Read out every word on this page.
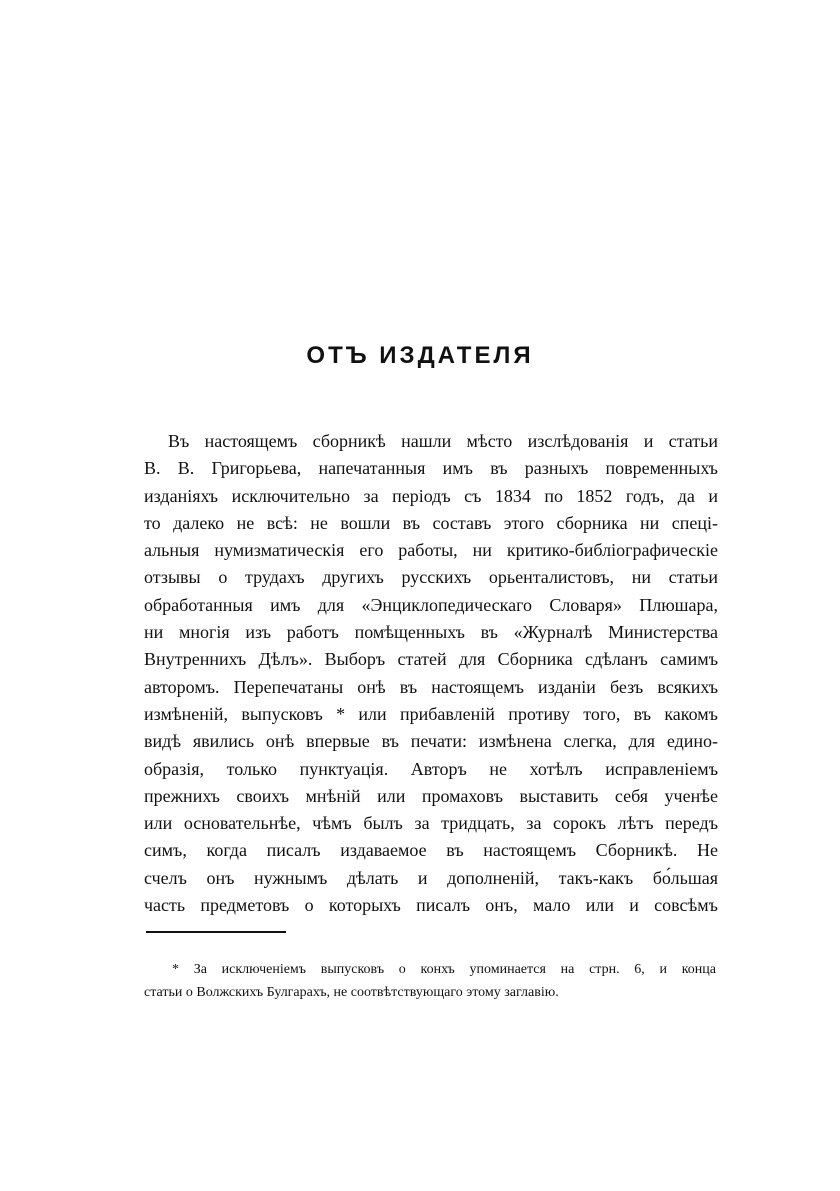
ОТЪ ИЗДАТЕЛЯ
Въ настоящемъ сборникѣ нашли мѣсто изслѣдованія и статьи
В. В. Григорьева, напечатанныя имъ въ разныхъ повременныхъ
изданіяхъ исключительно за періодъ съ 1834 по 1852 годъ, да и
то далеко не всѣ: не вошли въ составъ этого сборника ни спеці-
альныя нумизматическія его работы, ни критико-библіографическіе
отзывы о трудахъ другихъ русскихъ орьенталистовъ, ни статьи
обработанныя имъ для «Энциклопедическаго Словаря» Плюшара,
ни многія изъ работъ помѣщенныхъ въ «Журналѣ Министерства
Внутреннихъ Дѣлъ». Выборъ статей для Сборника сдѣланъ самимъ
авторомъ. Перепечатаны онѣ въ настоящемъ изданіи безъ всякихъ
измѣненій, выпусковъ * или прибавленій противу того, въ какомъ
видѣ явились онѣ впервые въ печати: измѣнена слегка, для едино-
образія, только пунктуація. Авторъ не хотѣлъ исправленіемъ
прежнихъ своихъ мнѣній или промаховъ выставить себя ученѣе
или основательнѣе, чѣмъ былъ за тридцать, за сорокъ лѣтъ передъ
симъ, когда писалъ издаваемое въ настоящемъ Сборникѣ. Не
счелъ онъ нужнымъ дѣлать и дополненій, такъ-какъ бо́льшая
часть предметовъ о которыхъ писалъ онъ, мало или и совсѣмъ
* За исключеніемъ выпусковъ о конхъ упоминается на стрн. 6, и конца
статьи о Волжскихъ Булгарахъ, не соотвѣтствующаго этому заглавію.
